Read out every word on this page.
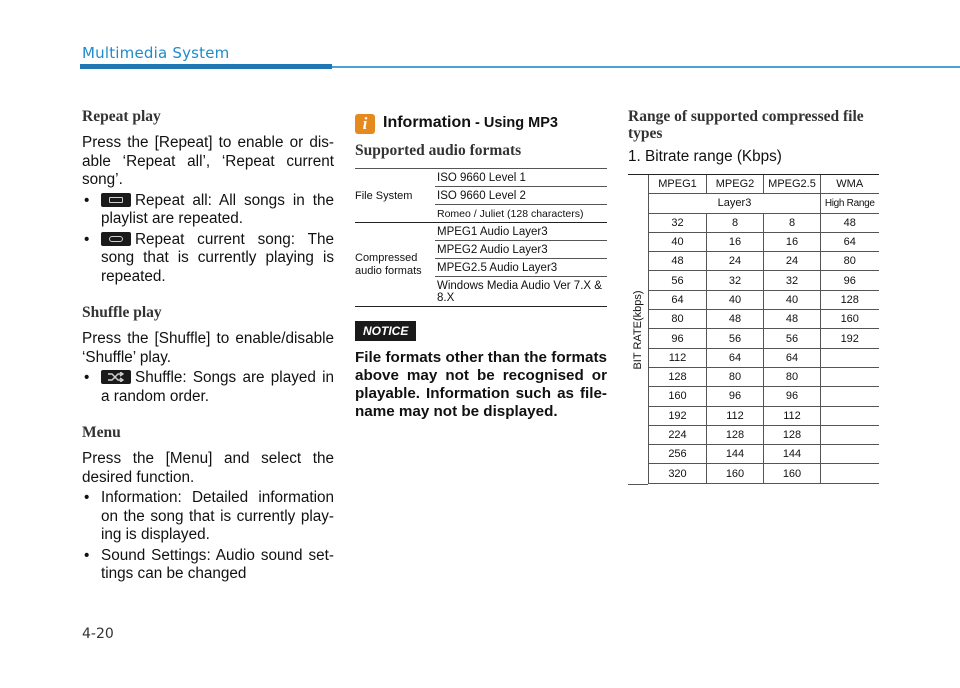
Multimedia System
Repeat play

Press the [Repeat] to enable or dis-able ‘Repeat all’, ‘Repeat current song’.

•	Repeat all: All songs in the playlist are repeated.
•	Repeat current song: The song that is currently playing is repeated.
Shuffle play

Press the [Shuffle] to enable/disable ‘Shuffle’ play.

•	Shuffle: Songs are played in a random order.
Menu

Press the [Menu] and select the desired function.

• Information: Detailed information on the song that is currently play-ing is displayed.
• Sound Settings: Audio sound set-tings can be changed
i Information - Using MP3
Supported audio formats
File System	ISO 9660 Level 1
	ISO 9660 Level 2
	Romeo / Juliet (128 characters)
Compressed audio formats	MPEG1 Audio Layer3
	MPEG2 Audio Layer3
	MPEG2.5 Audio Layer3
	Windows Media Audio Ver 7.X & 8.X
NOTICE

File formats other than the formats above may not be recognised or playable. Information such as file-name may not be displayed.

Range of supported compressed file types

1. Bitrate range (Kbps)

BIT RATE(kbps)
MPEG1	MPEG2	MPEG2.5	WMA
Layer3			High Range
32	8	8	48
40	16	16	64
48	24	24	80
56	32	32	96
64	40	40	128
80	48	48	160
96	56	56	192
112	64	64	
128	80	80	
160	96	96	
192	112	112	
224	128	128	
256	144	144	
320	160	160	
4-20
